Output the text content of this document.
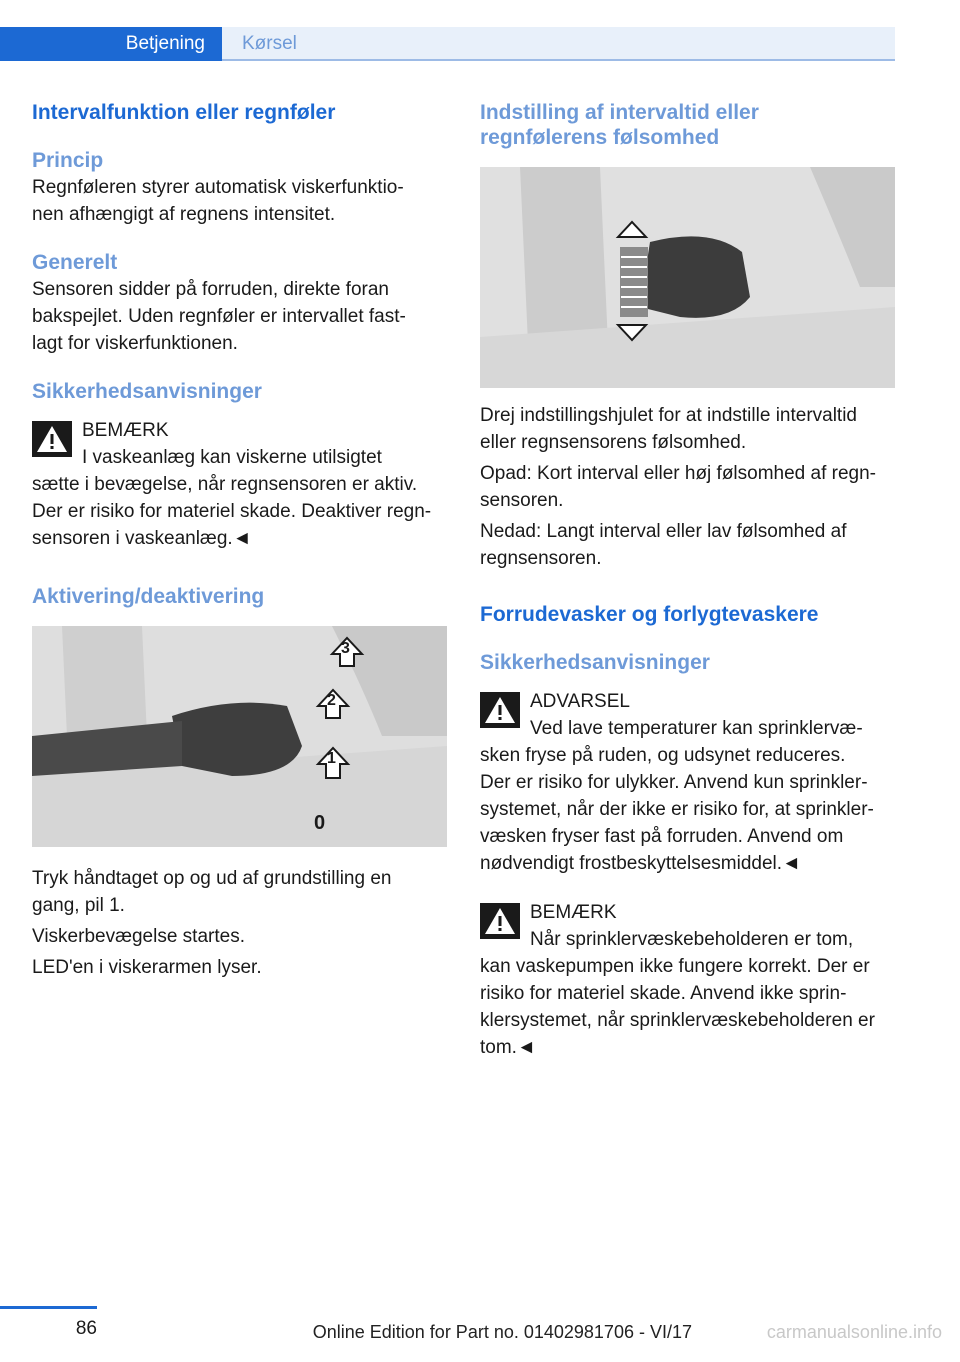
Betjening	Kørsel
Intervalfunktion eller regnføler
Princip

Regnføleren styrer automatisk viskerfunktio-
nen afhængigt af regnens intensitet.

Generelt

Sensoren sidder på forruden, direkte foran
bakspejlet. Uden regnføler er intervallet fast-
lagt for viskerfunktionen.

Sikkerhedsanvisninger

BEMÆRK

I vaskeanlæg kan viskerne utilsigtet
sætte i bevægelse, når regnsensoren er aktiv.
Der er risiko for materiel skade. Deaktiver regn-
sensoren i vaskeanlæg.◄

Aktivering/deaktivering
3
2
1
0

Tryk håndtaget op og ud af grundstilling en
gang, pil 1.

Viskerbevægelse startes.

LED'en i viskerarmen lyser.

Indstilling af intervaltid eller
regnfølerens følsomhed

Drej indstillingshjulet for at indstille intervaltid
eller regnsensorens følsomhed.

Opad: Kort interval eller høj følsomhed af regn-
sensoren.

Nedad: Langt interval eller lav følsomhed af
regnsensoren.

Forrudevasker og forlygtevaskere
Sikkerhedsanvisninger

ADVARSEL

Ved lave temperaturer kan sprinklervæ-
sken fryse på ruden, og udsynet reduceres.
Der er risiko for ulykker. Anvend kun sprinkler-
systemet, når der ikke er risiko for, at sprinkler-
væsken fryser fast på forruden. Anvend om
nødvendigt frostbeskyttelsesmiddel.◄

BEMÆRK

Når sprinklervæskebeholderen er tom,
kan vaskepumpen ikke fungere korrekt. Der er
risiko for materiel skade. Anvend ikke sprin-
klersystemet, når sprinklervæskebeholderen er
tom.◄

86	Online Edition for Part no. 01402981706 - VI/17	carmanualsonline.info
